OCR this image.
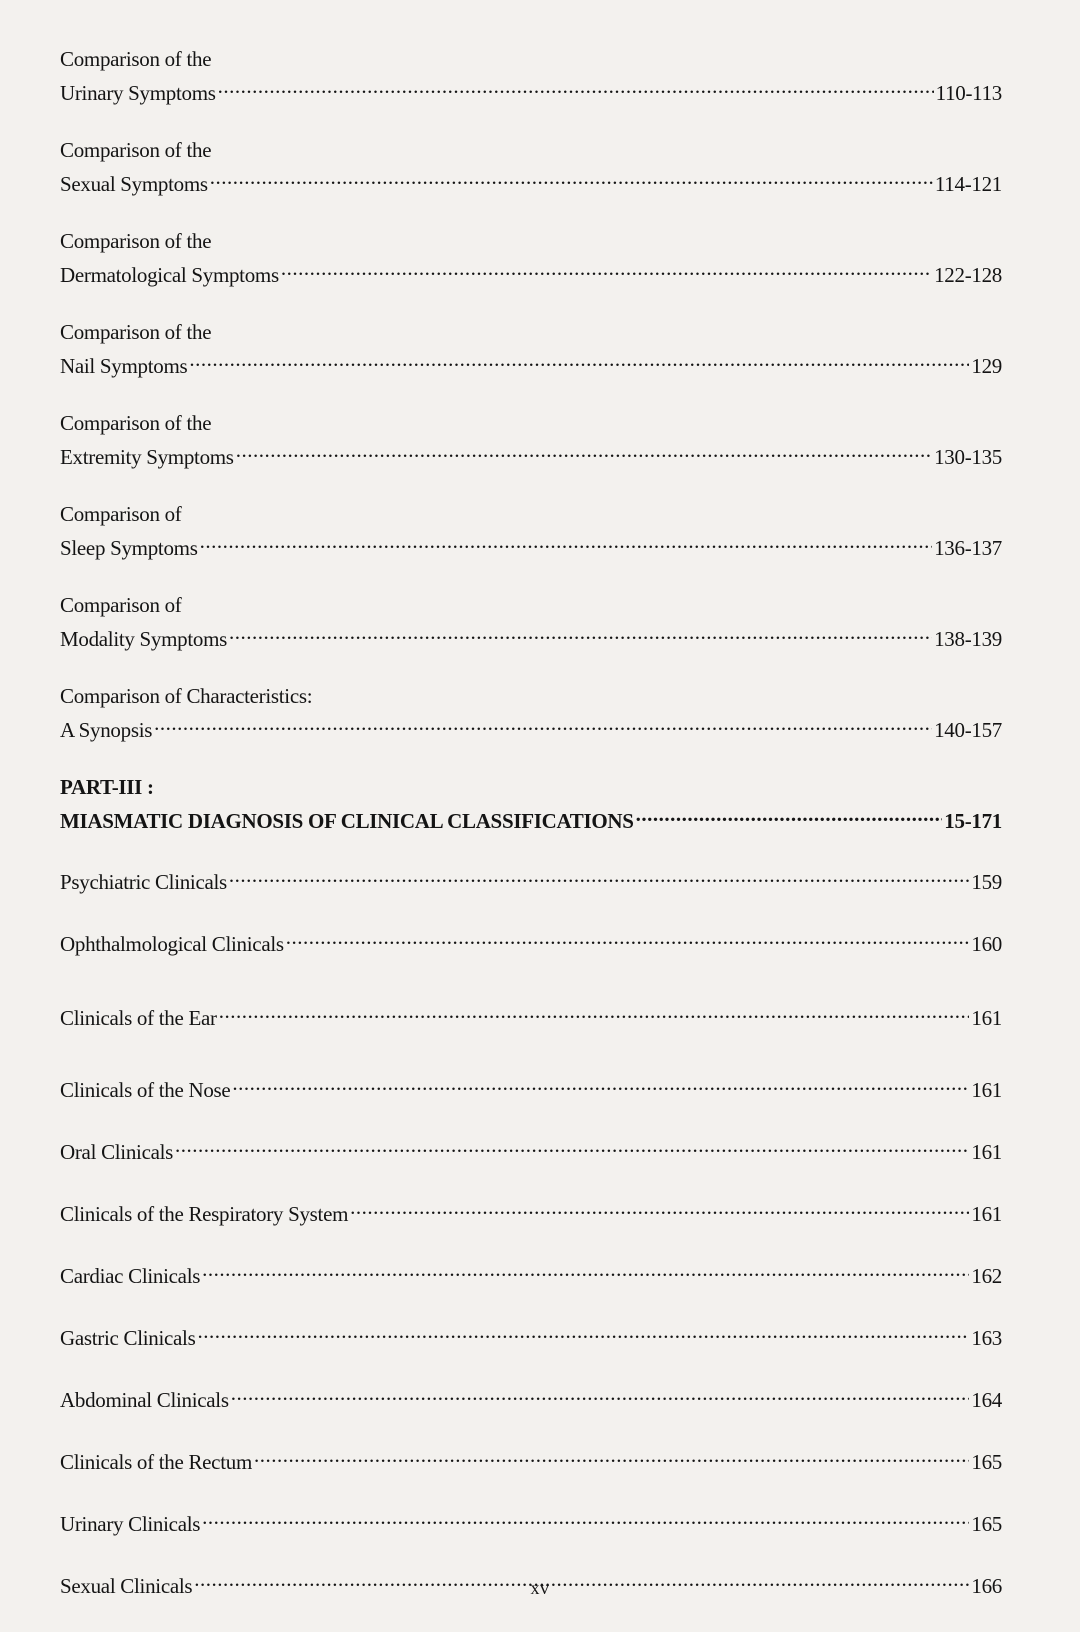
Comparison of the
Urinary Symptoms .....	110-113
Comparison of the
Sexual Symptoms .....	114-121
Comparison of the
Dermatological Symptoms .....	122-128
Comparison of the
Nail Symptoms .....	129
Comparison of the
Extremity Symptoms .....	130-135
Comparison of
Sleep Symptoms .....	136-137
Comparison of
Modality Symptoms .....	138-139
Comparison of Characteristics:
A Synopsis .....	140-157
PART-III :
MIASMATIC DIAGNOSIS OF CLINICAL CLASSIFICATIONS .....	15-171
Psychiatric Clinicals .....	159
Ophthalmological Clinicals .....	160
Clinicals of the Ear .....	161
Clinicals of the Nose .....	161
Oral Clinicals .....	161
Clinicals of the Respiratory System .....	161
Cardiac Clinicals .....	162
Gastric Clinicals .....	163
Abdominal Clinicals .....	164
Clinicals of the Rectum .....	165
Urinary Clinicals .....	165
Sexual Clinicals .....	166
xv
